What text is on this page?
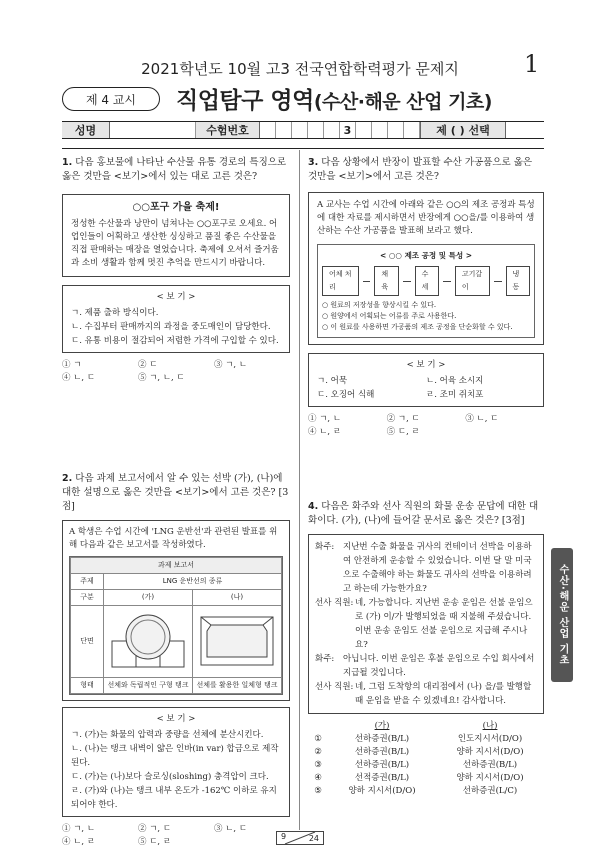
2021학년도 10월 고3 전국연합학력평가 문제지	1
제 4 교시	직업탐구 영역(수산·해운 산업 기초)
성명	수험번호	3	제 ( ) 선택
1. 다음 홍보물에 나타난 수산물 유통 경로의 특징으로 옳은 것만을 <보기>에서 있는 대로 고른 것은?
○○포구 가을 축제!
정성한 수산물과 낭만이 넘쳐나는 ○○포구로 오세요. 어업인들이 어획하고 생산한 싱싱하고 품질 좋은 수산물을 직접 판매하는 매장을 열었습니다. 축제에 오셔서 즐거움과 소비 생활과 함께 멋진 추억을 만드시기 바랍니다.
< 보 기 >
ㄱ. 제품 출하 방식이다.
ㄴ. 수집부터 판매까지의 과정을 중도매인이 담당한다.
ㄷ. 유통 비용이 절감되어 저렴한 가격에 구입할 수 있다.
① ㄱ	② ㄷ	③ ㄱ, ㄴ
④ ㄴ, ㄷ	⑤ ㄱ, ㄴ, ㄷ
2. 다음 과제 보고서에서 알 수 있는 선박 (가), (나)에 대한 설명으로 옳은 것만을 <보기>에서 고른 것은? [3점]
A 학생은 수업 시간에 'LNG 운반선'과 관련된 발표를 위해 다음과 같은 보고서를 작성하였다.
과제 보고서		
주제	LNG 운반선의 종류	
구분	(가)	(나)
단면		
형태	선체와 독립적인 구형 탱크	선체를 활용한 일체형 탱크
< 보 기 >
ㄱ. (가)는 화물의 압력과 중량을 선체에 분산시킨다.
ㄴ. (나)는 탱크 내벽이 얇은 인바(in var) 합금으로 제작된다.
ㄷ. (가)는 (나)보다 슬로싱(sloshing) 충격압이 크다.
ㄹ. (가)와 (나)는 탱크 내부 온도가 -162℃ 이하로 유지되어야 한다.
① ㄱ, ㄴ	② ㄱ, ㄷ	③ ㄴ, ㄷ
④ ㄴ, ㄹ	⑤ ㄷ, ㄹ
3. 다음 상황에서 반장이 발표할 수산 가공품으로 옳은 것만을 <보기>에서 고른 것은?
A 교사는 수업 시간에 아래와 같은 ○○의 제조 공정과 특성에 대한 자료를 제시하면서 반장에게 ○○을/를 이용하여 생산하는 수산 가공품을 발표해 보라고 했다.
< ○○ 제조 공정 및 특성 >
어체 처리
채육
수세
고기갈이
냉동
○ 원료의 저장성을 향상시킬 수 있다.
○ 원양에서 어획되는 어류를 주로 사용한다.
○ 이 원료를 사용하면 가공품의 제조 공정을 단순화할 수 있다.
< 보 기 >
ㄱ. 어묵	ㄴ. 어육 소시지
ㄷ. 오징어 식해	ㄹ. 조미 쥐치포
① ㄱ, ㄴ	② ㄱ, ㄷ	③ ㄴ, ㄷ
④ ㄴ, ㄹ	⑤ ㄷ, ㄹ
4. 다음은 화주와 선사 직원의 화물 운송 문답에 대한 대화이다. (가), (나)에 들어갈 문서로 옳은 것은? [3점]
화주:	지난번 수출 화물을 귀사의 컨테이너 선박을 이용하여 안전하게 운송할 수 있었습니다. 이번 달 말 미국으로 수출해야 하는 화물도 귀사의 선박을 이용하려고 하는데 가능한가요?
선사 직원: 네, 가능합니다. 지난번 운송 운임은 선불 운임으로 (가) 이/가 발행되었을 때 지불해 주셨습니다. 이번 운송 운임도 선불 운임으로 지급해 주시나요?
화주:	아닙니다. 이번 운임은 후불 운임으로 수입 회사에서 지급될 것입니다.
선사 직원: 네, 그럼 도착항의 대리점에서 (나) 을/를 발행할 때 운임을 받을 수 있겠네요! 감사합니다.
	(가)	(나)
①	선하증권(B/L)	인도지시서(D/O)
②	선하증권(B/L)	양하 지시서(D/O)
③	선하증권(B/L)	선하증권(B/L)
④	선적증권(B/L)	양하 지시서(D/O)
⑤	양하 지시서(D/O)	선하증권(L/C)
수산·해운 산업 기초
9	24
